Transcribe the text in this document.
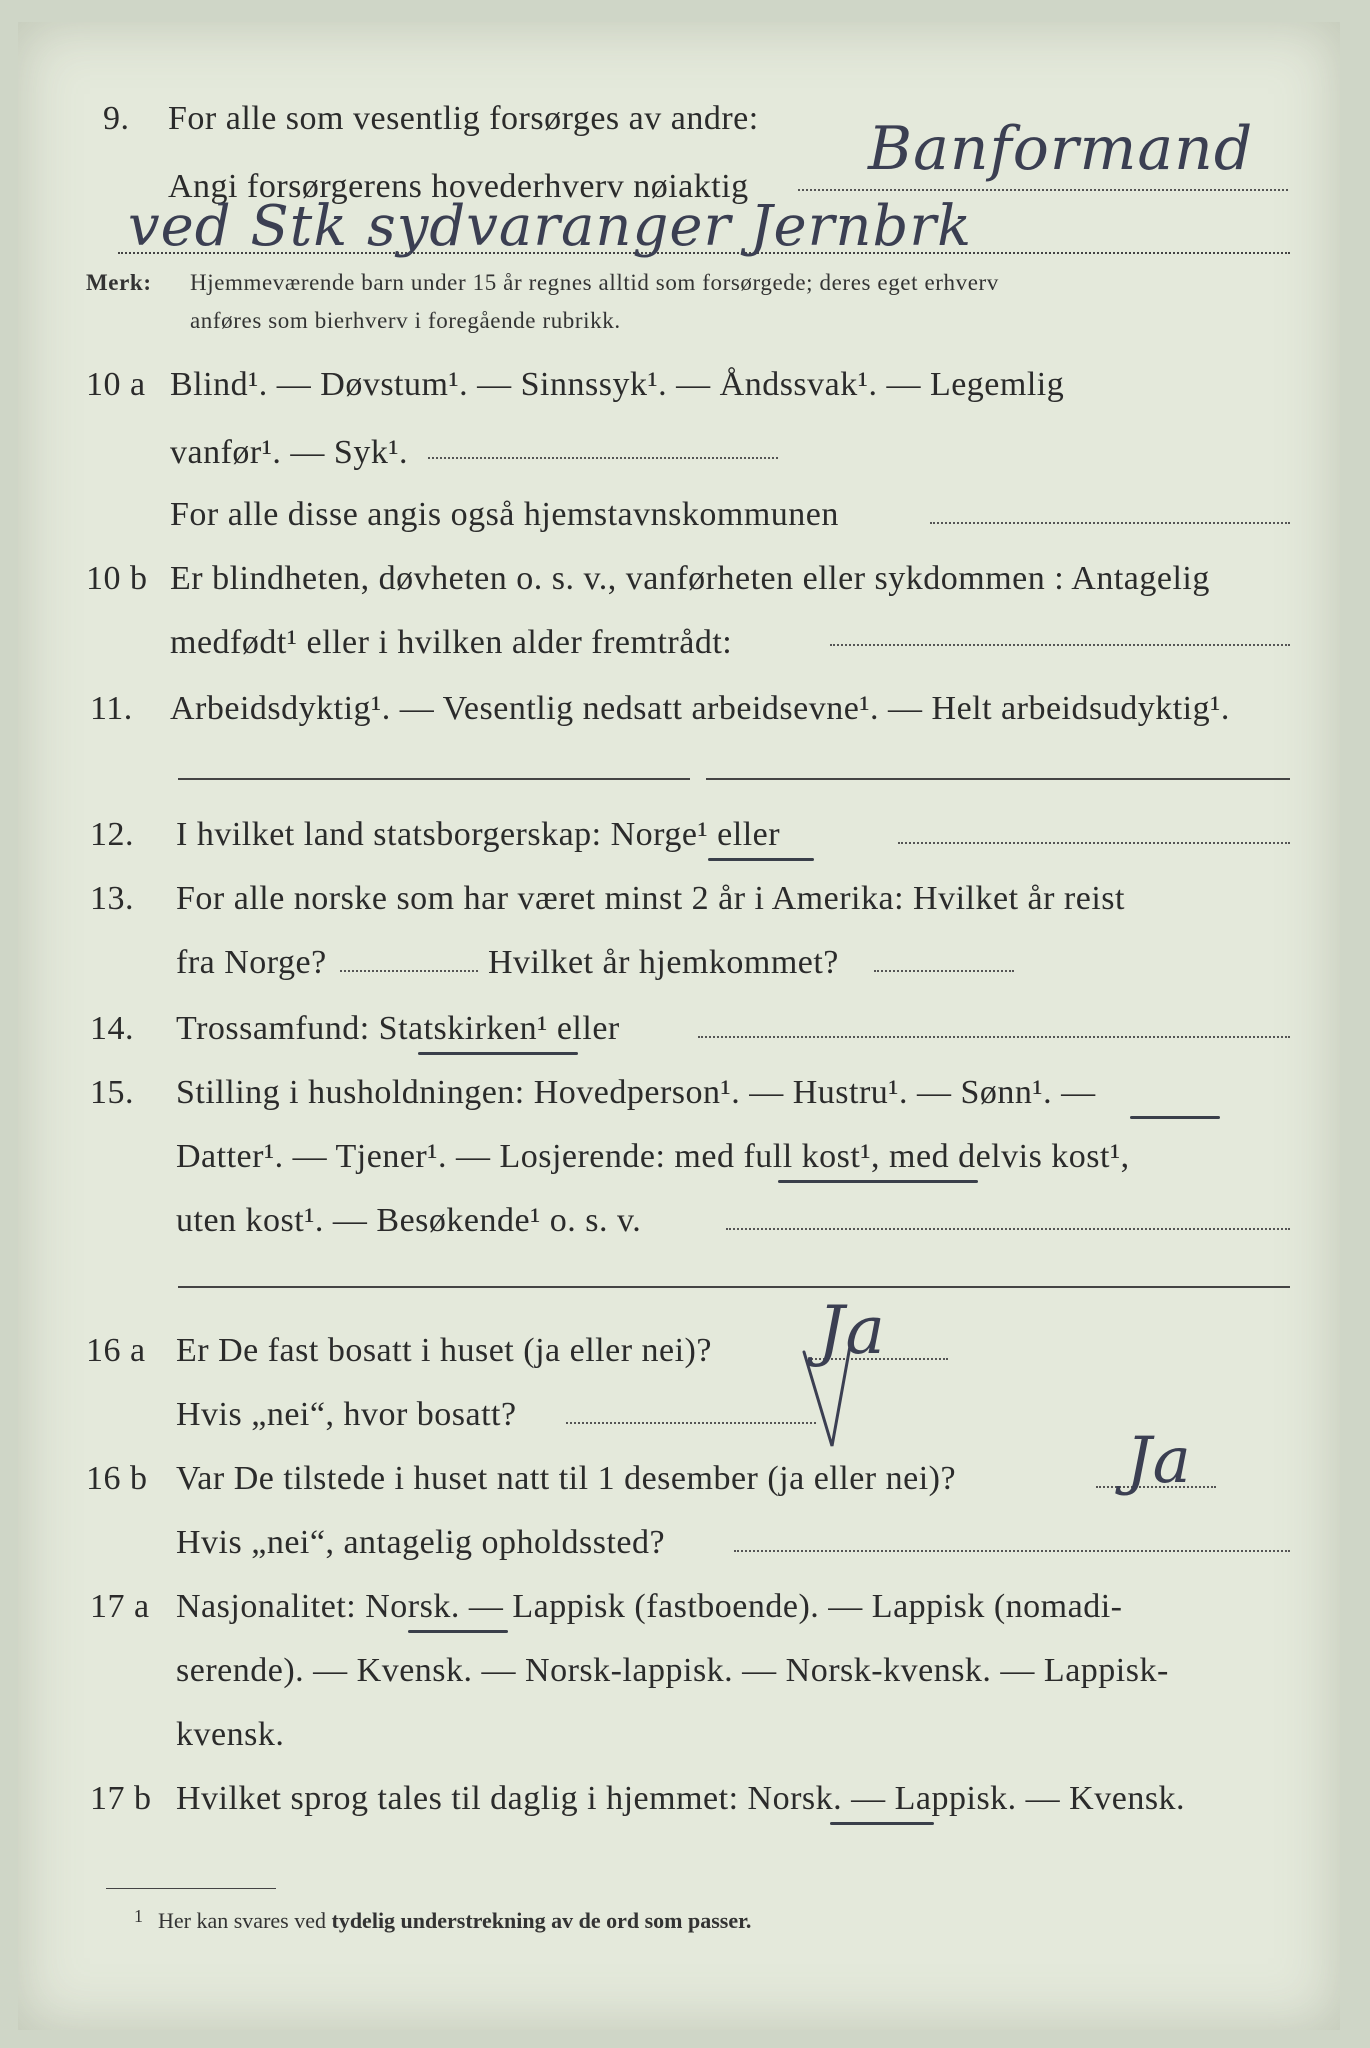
9. For alle som vesentlig forsørges av andre:
Angi forsørgerens hovederhverv nøiaktig
Banformand
ved Stk sydvaranger Jernbrk
Merk: Hjemmeværende barn under 15 år regnes alltid som forsørgede; deres eget erhverv
anføres som bierhverv i foregående rubrikk.
10 a Blind¹. — Døvstum¹. — Sinnssyk¹. — Åndssvak¹. — Legemlig
vanfør¹. — Syk¹.
For alle disse angis også hjemstavnskommunen
10 b Er blindheten, døvheten o. s. v., vanførheten eller sykdommen : Antagelig
medfødt¹ eller i hvilken alder fremtrådt:
11. Arbeidsdyktig¹. — Vesentlig nedsatt arbeidsevne¹. — Helt arbeidsudyktig¹.
12. I hvilket land statsborgerskap: Norge¹ eller
13. For alle norske som har været minst 2 år i Amerika: Hvilket år reist
fra Norge?	Hvilket år hjemkommet?
14. Trossamfund: Statskirken¹ eller
15. Stilling i husholdningen: Hovedperson¹. — Hustru¹. — Sønn¹. —
Datter¹. — Tjener¹. — Losjerende: med full kost¹, med delvis kost¹,
uten kost¹. — Besøkende¹ o. s. v.
16 a Er De fast bosatt i huset (ja eller nei)? Ja
Hvis „nei“, hvor bosatt?
16 b Var De tilstede i huset natt til 1 desember (ja eller nei)?	Ja
Hvis „nei“, antagelig opholdssted?
17 a Nasjonalitet: Norsk. — Lappisk (fastboende). — Lappisk (nomadi-
serende). — Kvensk. — Norsk-lappisk. — Norsk-kvensk. — Lappisk-
kvensk.
17 b Hvilket sprog tales til daglig i hjemmet: Norsk. — Lappisk. — Kvensk.
1 Her kan svares ved tydelig understrekning av de ord som passer.
